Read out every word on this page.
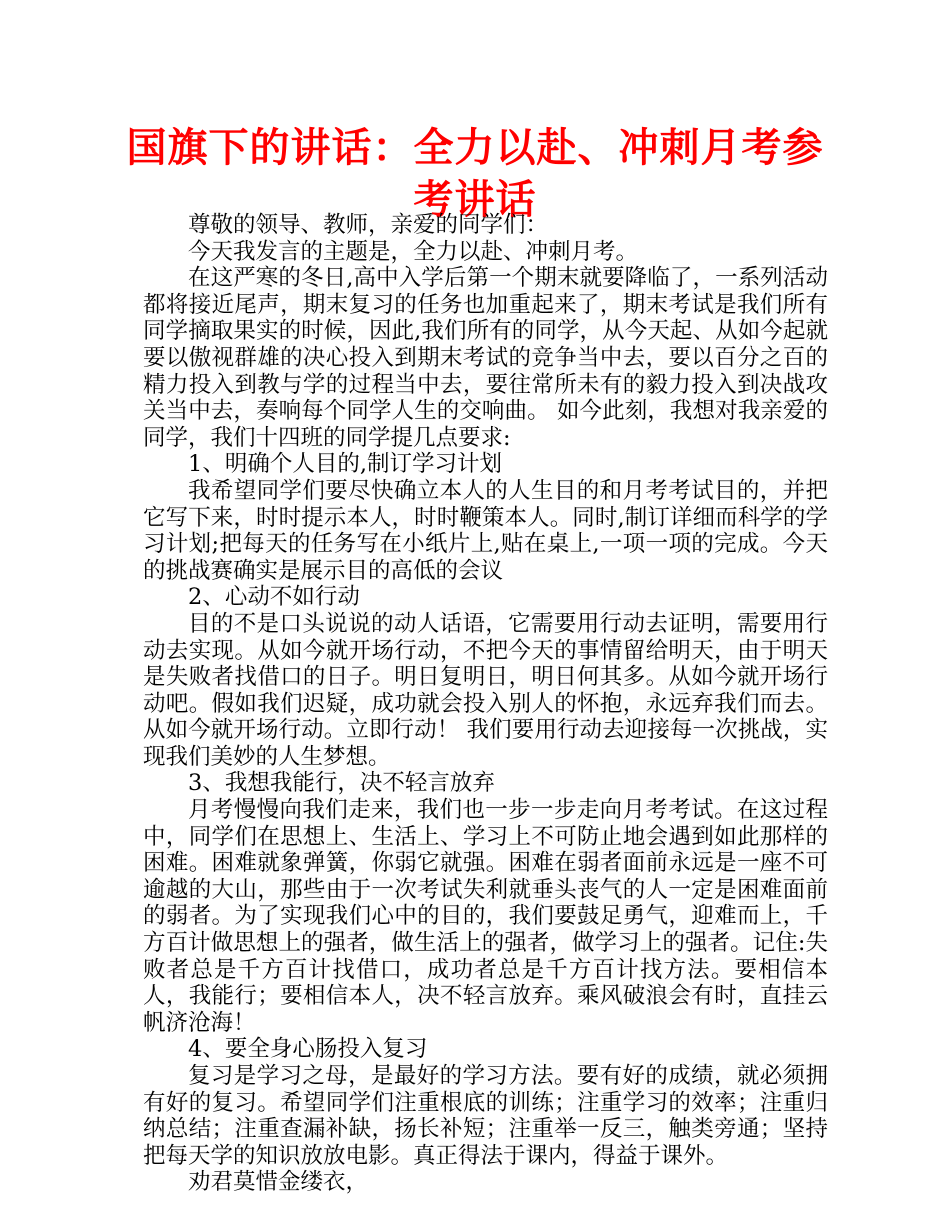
国旗下的讲话：全力以赴、冲刺月考参考讲话

尊敬的领导、教师，亲爱的同学们：

今天我发言的主题是，全力以赴、冲刺月考。

在这严寒的冬日,高中入学后第一个期末就要降临了，一系列活动都将接近尾声，期末复习的任务也加重起来了，期末考试是我们所有同学摘取果实的时候，因此,我们所有的同学，从今天起、从如今起就要以傲视群雄的决心投入到期末考试的竞争当中去，要以百分之百的精力投入到教与学的过程当中去，要往常所未有的毅力投入到决战攻关当中去，奏响每个同学人生的交响曲。 如今此刻，我想对我亲爱的同学，我们十四班的同学提几点要求:

1、明确个人目的,制订学习计划

我希望同学们要尽快确立本人的人生目的和月考考试目的，并把它写下来，时时提示本人，时时鞭策本人。同时,制订详细而科学的学习计划;把每天的任务写在小纸片上,贴在桌上,一项一项的完成。今天的挑战赛确实是展示目的高低的会议

2、心动不如行动

目的不是口头说说的动人话语，它需要用行动去证明，需要用行动去实现。从如今就开场行动，不把今天的事情留给明天，由于明天是失败者找借口的日子。明日复明日，明日何其多。从如今就开场行动吧。假如我们迟疑，成功就会投入别人的怀抱，永远弃我们而去。从如今就开场行动。立即行动！ 我们要用行动去迎接每一次挑战，实现我们美妙的人生梦想。

3、我想我能行，决不轻言放弃

月考慢慢向我们走来，我们也一步一步走向月考考试。在这过程中，同学们在思想上、生活上、学习上不可防止地会遇到如此那样的困难。困难就象弹簧，你弱它就强。困难在弱者面前永远是一座不可逾越的大山，那些由于一次考试失利就垂头丧气的人一定是困难面前的弱者。为了实现我们心中的目的，我们要鼓足勇气，迎难而上，千方百计做思想上的强者，做生活上的强者，做学习上的强者。记住:失败者总是千方百计找借口，成功者总是千方百计找方法。要相信本人，我能行；要相信本人，决不轻言放弃。乘风破浪会有时，直挂云帆济沧海！

4、要全身心肠投入复习

复习是学习之母，是最好的学习方法。要有好的成绩，就必须拥有好的复习。希望同学们注重根底的训练；注重学习的效率；注重归纳总结；注重查漏补缺，扬长补短；注重举一反三，触类旁通；坚持把每天学的知识放放电影。真正得法于课内，得益于课外。

劝君莫惜金缕衣，
